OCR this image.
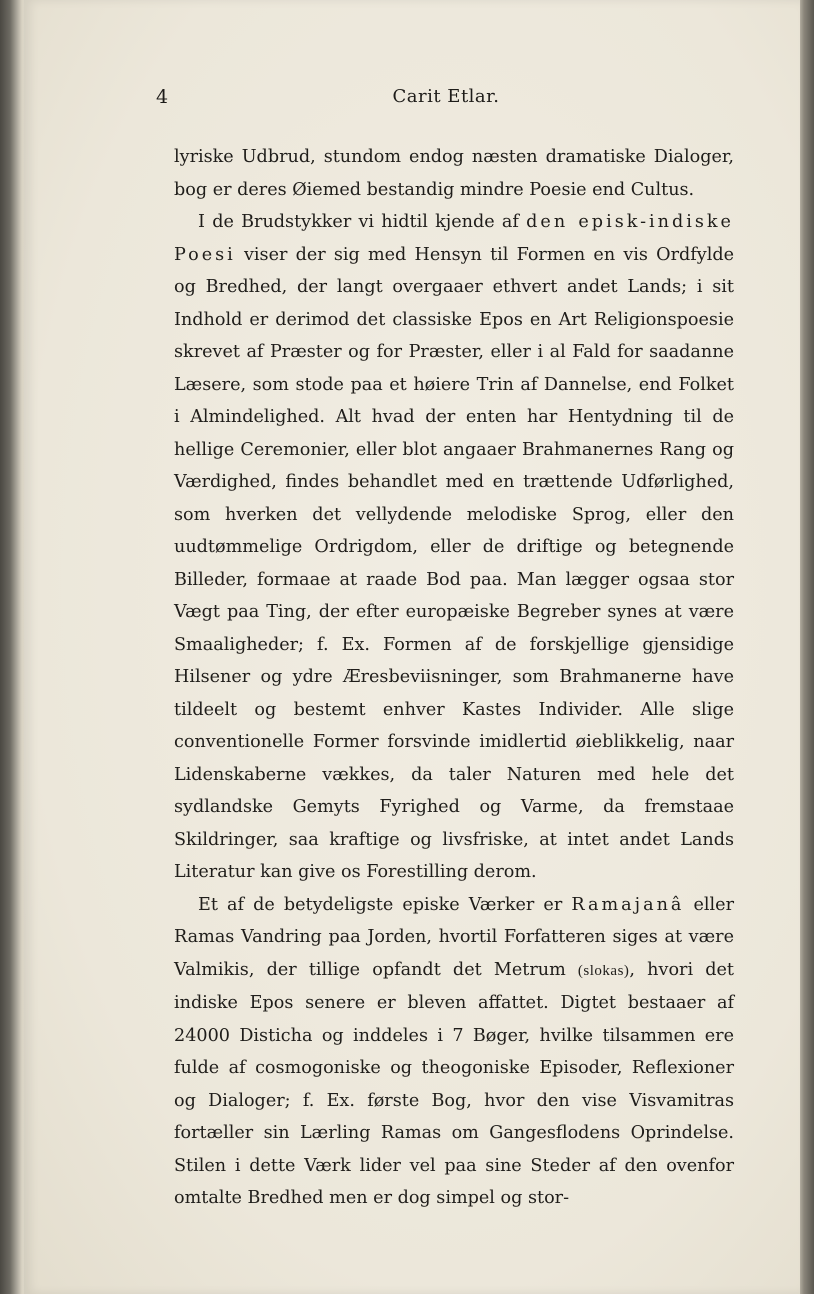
4	Carit Etlar.

lyriske Udbrud, stundom endog næsten dramatiske Dialoger, bog er deres Øiemed bestandig mindre Poesie end Cultus.

I de Brudstykker vi hidtil kjende af den episk-indiske Poesi viser der sig med Hensyn til Formen en vis Ordfylde og Bredhed, der langt overgaaer ethvert andet Lands; i sit Indhold er derimod det classiske Epos en Art Religionspoesie skrevet af Præster og for Præster, eller i al Fald for saadanne Læsere, som stode paa et høiere Trin af Dannelse, end Folket i Almindelighed. Alt hvad der enten har Hentydning til de hellige Ceremonier, eller blot angaaer Brahmanernes Rang og Værdighed, findes behandlet med en trættende Udførlighed, som hverken det vellydende melodiske Sprog, eller den uudtømmelige Ordrigdom, eller de driftige og betegnende Billeder, formaae at raade Bod paa. Man lægger ogsaa stor Vægt paa Ting, der efter europæiske Begreber synes at være Smaaligheder; f. Ex. Formen af de forskjellige gjensidige Hilsener og ydre Æresbeviisninger, som Brahmanerne have tildeelt og bestemt enhver Kastes Individer. Alle slige conventionelle Former forsvinde imidlertid øieblikkelig, naar Lidenskaberne vækkes, da taler Naturen med hele det sydlandske Gemyts Fyrighed og Varme, da fremstaae Skildringer, saa kraftige og livsfriske, at intet andet Lands Literatur kan give os Forestilling derom.

Et af de betydeligste episke Værker er Ramajanâ eller Ramas Vandring paa Jorden, hvortil Forfatteren siges at være Valmikis, der tillige opfandt det Metrum (slokas), hvori det indiske Epos senere er bleven affattet. Digtet bestaaer af 24000 Disticha og inddeles i 7 Bøger, hvilke tilsammen ere fulde af cosmogoniske og theogoniske Episoder, Reflexioner og Dialoger; f. Ex. første Bog, hvor den vise Visvamitras fortæller sin Lærling Ramas om Gangesflodens Oprindelse. Stilen i dette Værk lider vel paa sine Steder af den ovenfor omtalte Bredhed men er dog simpel og stor-
